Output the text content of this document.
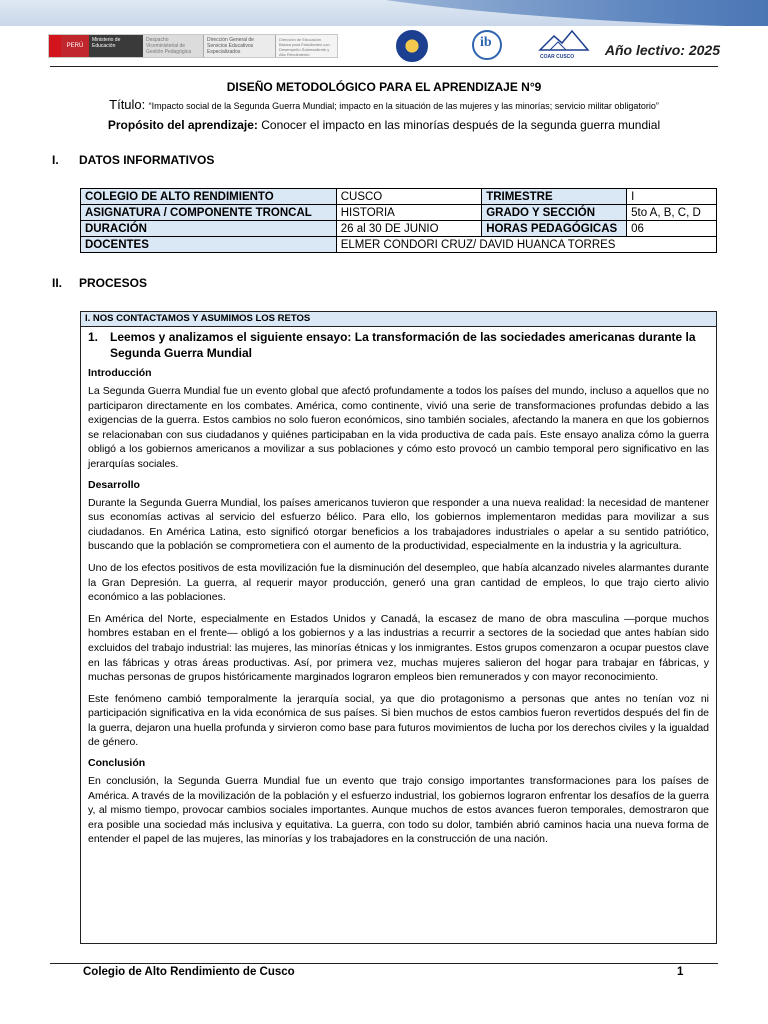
PERÚ
Ministerio de Educación
Despacho Viceministerial de Gestión Pedagógica
Dirección General de Servicios Educativos Especializados
Dirección de Educación Básica para Estudiantes con Desempeño Sobresaliente y Alto Rendimiento ib	COAR CUSCO Año lectivo: 2025
DISEÑO METODOLÓGICO PARA EL APRENDIZAJE N°9
Título: “Impacto social de la Segunda Guerra Mundial; impacto en la situación de las mujeres y las minorías; servicio militar obligatorio”
Propósito del aprendizaje: Conocer el impacto en las minorías después de la segunda guerra mundial
I. DATOS INFORMATIVOS
COLEGIO DE ALTO RENDIMIENTO	CUSCO	TRIMESTRE	I
ASIGNATURA / COMPONENTE TRONCAL	HISTORIA	GRADO Y SECCIÓN	5to A, B, C, D
DURACIÓN	26 al 30 DE JUNIO	HORAS PEDAGÓGICAS	06
DOCENTES	ELMER CONDORI CRUZ/ DAVID HUANCA TORRES		
II. PROCESOS
I. NOS CONTACTAMOS Y ASUMIMOS LOS RETOS
1. Leemos y analizamos el siguiente ensayo: La transformación de las sociedades americanas durante la Segunda Guerra Mundial
Introducción

La Segunda Guerra Mundial fue un evento global que afectó profundamente a todos los países del mundo, incluso a aquellos que no participaron directamente en los combates. América, como continente, vivió una serie de transformaciones profundas debido a las exigencias de la guerra. Estos cambios no solo fueron económicos, sino también sociales, afectando la manera en que los gobiernos se relacionaban con sus ciudadanos y quiénes participaban en la vida productiva de cada país. Este ensayo analiza cómo la guerra obligó a los gobiernos americanos a movilizar a sus poblaciones y cómo esto provocó un cambio temporal pero significativo en las jerarquías sociales.

Desarrollo

Durante la Segunda Guerra Mundial, los países americanos tuvieron que responder a una nueva realidad: la necesidad de mantener sus economías activas al servicio del esfuerzo bélico. Para ello, los gobiernos implementaron medidas para movilizar a sus ciudadanos. En América Latina, esto significó otorgar beneficios a los trabajadores industriales o apelar a su sentido patriótico, buscando que la población se comprometiera con el aumento de la productividad, especialmente en la industria y la agricultura.

Uno de los efectos positivos de esta movilización fue la disminución del desempleo, que había alcanzado niveles alarmantes durante la Gran Depresión. La guerra, al requerir mayor producción, generó una gran cantidad de empleos, lo que trajo cierto alivio económico a las poblaciones.

En América del Norte, especialmente en Estados Unidos y Canadá, la escasez de mano de obra masculina —porque muchos hombres estaban en el frente— obligó a los gobiernos y a las industrias a recurrir a sectores de la sociedad que antes habían sido excluidos del trabajo industrial: las mujeres, las minorías étnicas y los inmigrantes. Estos grupos comenzaron a ocupar puestos clave en las fábricas y otras áreas productivas. Así, por primera vez, muchas mujeres salieron del hogar para trabajar en fábricas, y muchas personas de grupos históricamente marginados lograron empleos bien remunerados y con mayor reconocimiento.

Este fenómeno cambió temporalmente la jerarquía social, ya que dio protagonismo a personas que antes no tenían voz ni participación significativa en la vida económica de sus países. Si bien muchos de estos cambios fueron revertidos después del fin de la guerra, dejaron una huella profunda y sirvieron como base para futuros movimientos de lucha por los derechos civiles y la igualdad de género.

Conclusión

En conclusión, la Segunda Guerra Mundial fue un evento que trajo consigo importantes transformaciones para los países de América. A través de la movilización de la población y el esfuerzo industrial, los gobiernos lograron enfrentar los desafíos de la guerra y, al mismo tiempo, provocar cambios sociales importantes. Aunque muchos de estos avances fueron temporales, demostraron que era posible una sociedad más inclusiva y equitativa. La guerra, con todo su dolor, también abrió caminos hacia una nueva forma de entender el papel de las mujeres, las minorías y los trabajadores en la construcción de una nación.

Colegio de Alto Rendimiento de Cusco	1
